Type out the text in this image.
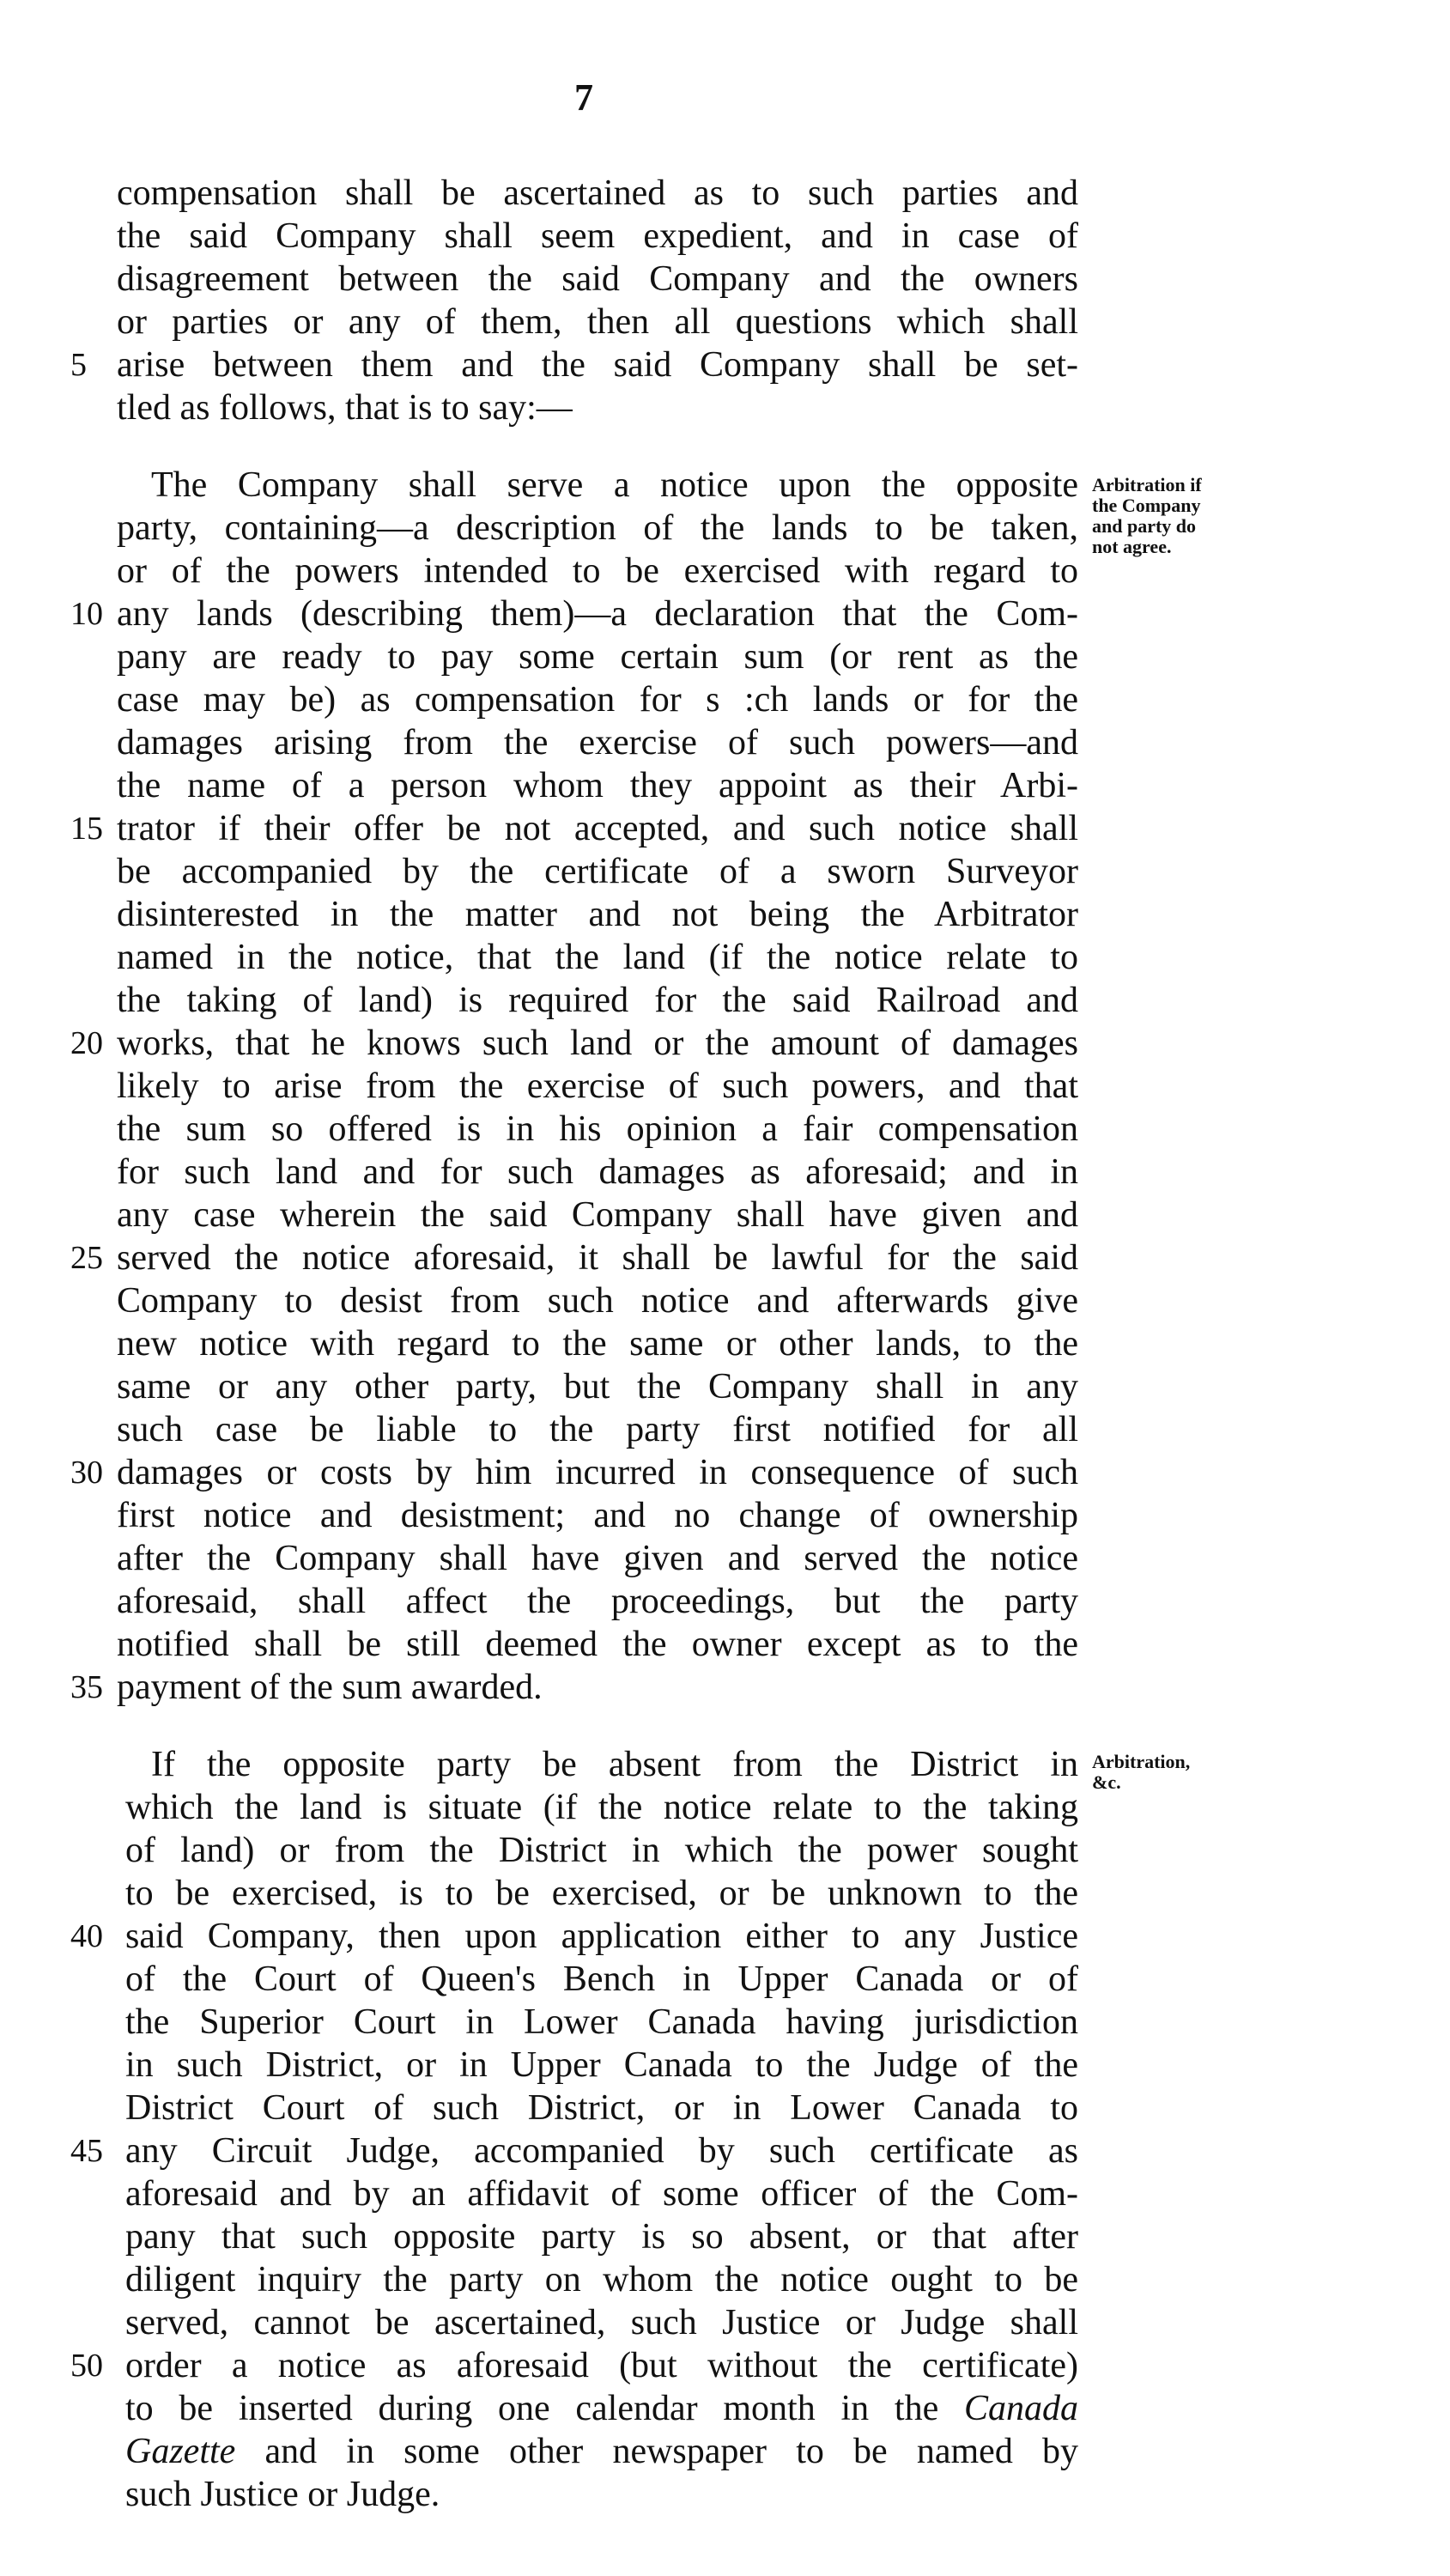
7
compensation shall be ascertained as to such parties and
the said Company shall seem expedient, and in case of
disagreement between the said Company and the owners
or parties or any of them, then all questions which shall
5 arise between them and the said Company shall be set-
tled as follows, that is to say:—
The Company shall serve a notice upon the opposite Arbitration if
the Company
and party do
not agree.
party, containing—a description of the lands to be taken,
or of the powers intended to be exercised with regard to
10 any lands (describing them)—a declaration that the Com-
pany are ready to pay some certain sum (or rent as the
case may be) as compensation for s :ch lands or for the
damages arising from the exercise of such powers—and
the name of a person whom they appoint as their Arbi-
15 trator if their offer be not accepted, and such notice shall
be accompanied by the certificate of a sworn Surveyor
disinterested in the matter and not being the Arbitrator
named in the notice, that the land (if the notice relate to
the taking of land) is required for the said Railroad and
20 works, that he knows such land or the amount of damages
likely to arise from the exercise of such powers, and that
the sum so offered is in his opinion a fair compensation
for such land and for such damages as aforesaid; and in
any case wherein the said Company shall have given and
25 served the notice aforesaid, it shall be lawful for the said
Company to desist from such notice and afterwards give
new notice with regard to the same or other lands, to the
same or any other party, but the Company shall in any
such case be liable to the party first notified for all
30 damages or costs by him incurred in consequence of such
first notice and desistment; and no change of ownership
after the Company shall have given and served the notice
aforesaid, shall affect the proceedings, but the party
notified shall be still deemed the owner except as to the
35 payment of the sum awarded.
If the opposite party be absent from the District in Arbitration,
&c.
which the land is situate (if the notice relate to the taking
of land) or from the District in which the power sought
to be exercised, is to be exercised, or be unknown to the
40 said Company, then upon application either to any Justice
of the Court of Queen's Bench in Upper Canada or of
the Superior Court in Lower Canada having jurisdiction
in such District, or in Upper Canada to the Judge of the
District Court of such District, or in Lower Canada to
45 any Circuit Judge, accompanied by such certificate as
aforesaid and by an affidavit of some officer of the Com-
pany that such opposite party is so absent, or that after
diligent inquiry the party on whom the notice ought to be
served, cannot be ascertained, such Justice or Judge shall
50 order a notice as aforesaid (but without the certificate)
to be inserted during one calendar month in the Canada
Gazette and in some other newspaper to be named by
such Justice or Judge.
